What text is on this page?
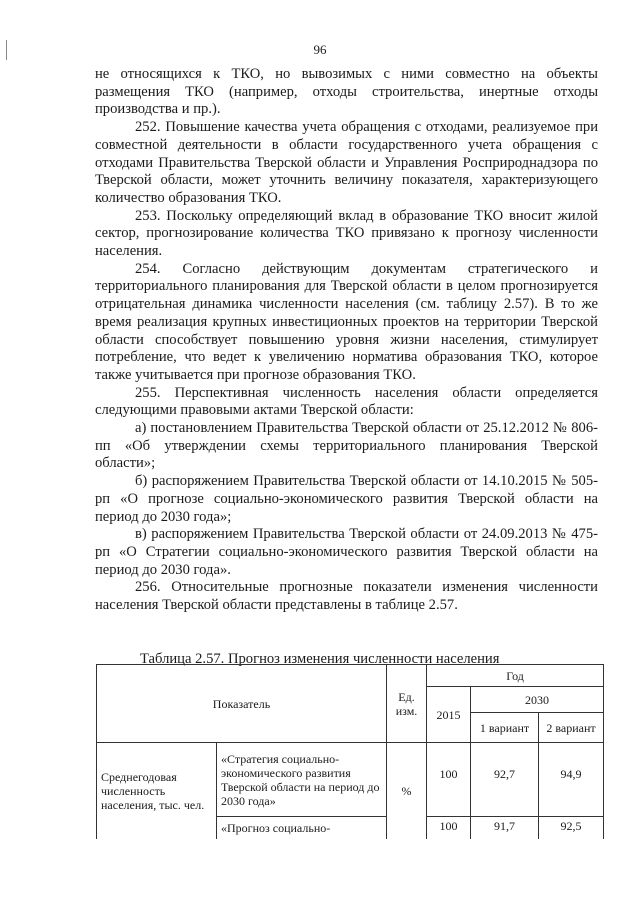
96

не относящихся к ТКО, но вывозимых с ними совместно на объекты размещения ТКО (например, отходы строительства, инертные отходы производства и пр.).

252. Повышение качества учета обращения с отходами, реализуемое при совместной деятельности в области государственного учета обращения с отходами Правительства Тверской области и Управления Росприроднадзора по Тверской области, может уточнить величину показателя, характеризующего количество образования ТКО.

253. Поскольку определяющий вклад в образование ТКО вносит жилой сектор, прогнозирование количества ТКО привязано к прогнозу численности населения.

254. Согласно действующим документам стратегического и территориального планирования для Тверской области в целом прогнозируется отрицательная динамика численности населения (см. таблицу 2.57). В то же время реализация крупных инвестиционных проектов на территории Тверской области способствует повышению уровня жизни населения, стимулирует потребление, что ведет к увеличению норматива образования ТКО, которое также учитывается при прогнозе образования ТКО.

255. Перспективная численность населения области определяется следующими правовыми актами Тверской области:

а) постановлением Правительства Тверской области от 25.12.2012 № 806-пп «Об утверждении схемы территориального планирования Тверской области»;

б) распоряжением Правительства Тверской области от 14.10.2015 № 505-рп «О прогнозе социально-экономического развития Тверской области на период до 2030 года»;

в) распоряжением Правительства Тверской области от 24.09.2013 № 475-рп «О Стратегии социально-экономического развития Тверской области на период до 2030 года».

256. Относительные прогнозные показатели изменения численности населения Тверской области представлены в таблице 2.57.

Таблица 2.57. Прогноз изменения численности населения
Показатель		Ед. изм.	Год		
			2015	2030	
				1 вариант	2 вариант
Среднегодовая численность населения, тыс. чел.	«Стратегия социально-экономического развития Тверской области на период до 2030 года»	%	100	92,7	94,9
	«Прогноз социально-		100	91,7	92,5
